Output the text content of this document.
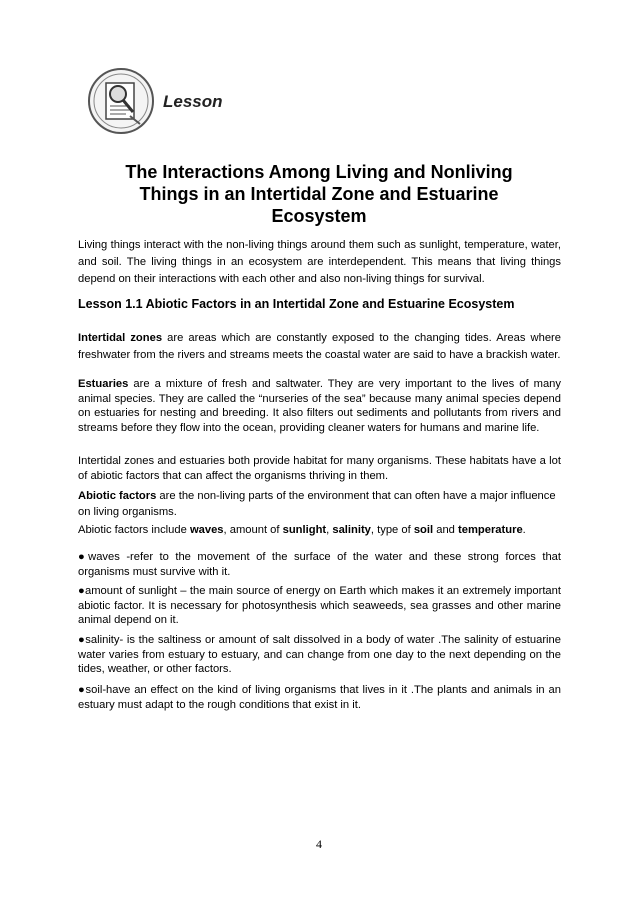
Lesson
The Interactions Among Living and Nonliving Things in an Intertidal Zone and Estuarine Ecosystem

Living things interact with the non-living things around them such as sunlight, temperature, water, and soil. The living things in an ecosystem are interdependent. This means that living things depend on their interactions with each other and also non-living things for survival.

Lesson 1.1 Abiotic Factors in an Intertidal Zone and Estuarine Ecosystem

Intertidal zones are areas which are constantly exposed to the changing tides. Areas where freshwater from the rivers and streams meets the coastal water are said to have a brackish water.

Estuaries are a mixture of fresh and saltwater. They are very important to the lives of many animal species. They are called the “nurseries of the sea” because many animal species depend on estuaries for nesting and breeding. It also filters out sediments and pollutants from rivers and streams before they flow into the ocean, providing cleaner waters for humans and marine life.

Intertidal zones and estuaries both provide habitat for many organisms. These habitats have a lot of abiotic factors that can affect the organisms thriving in them.

Abiotic factors are the non-living parts of the environment that can often have a major influence on living organisms.

Abiotic factors include waves, amount of sunlight, salinity, type of soil and temperature.

●waves -refer to the movement of the surface of the water and these strong forces that organisms must survive with it.

●amount of sunlight – the main source of energy on Earth which makes it an extremely important abiotic factor. It is necessary for photosynthesis which seaweeds, sea grasses and other marine animal depend on it.

●salinity- is the saltiness or amount of salt dissolved in a body of water .The salinity of estuarine water varies from estuary to estuary, and can change from one day to the next depending on the tides, weather, or other factors.

●soil-have an effect on the kind of living organisms that lives in it .The plants and animals in an estuary must adapt to the rough conditions that exist in it.

4
